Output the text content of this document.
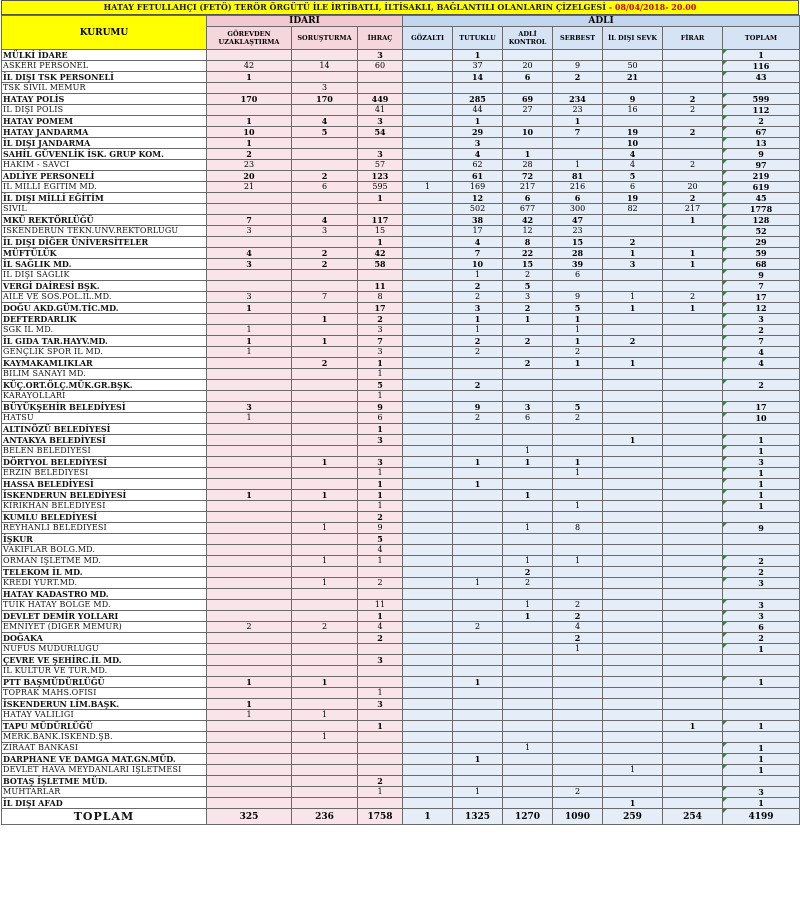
HATAY FETULLAHÇI (FETÖ) TERÖR ÖRGÜTÜ İLE İRTİBATLI, İLTİSAKLI, BAĞLANTILI OLANLARIN ÇİZELGESİ - 08/04/2018- 20.00
KURUMU	İDARİ			ADLİ						
	GÖREVDEN UZAKLAŞTIRMA	SORUŞTURMA	İHRAÇ	GÖZALTI	TUTUKLU	ADLİ KONTROL	SERBEST	İL DIŞI SEVK	FİRAR	TOPLAM
MÜLKİ İDARE			3		1					1
ASKERİ PERSONEL	42	14	60		37	20	9	50		116
İL DIŞI TSK PERSONELİ	1				14	6	2	21		43
TSK SİVİL MEMUR		3								
HATAY POLİS	170	170	449		285	69	234	9	2	599
İL DIŞI POLİS			41		44	27	23	16	2	112
HATAY POMEM	1	4	3		1		1			2
HATAY JANDARMA	10	5	54		29	10	7	19	2	67
İL DIŞI JANDARMA	1				3			10		13
SAHİL GÜVENLİK İSK. GRUP KOM.	2		3		4	1		4		9
HAKİM - SAVCI	23		57		62	28	1	4	2	97
ADLİYE PERSONELİ	20	2	123		61	72	81	5		219
İL MİLLİ EĞİTİM MD.	21	6	595	1	169	217	216	6	20	619
İL DIŞI MİLLİ EĞİTİM			1		12	6	6	19	2	45
SİVİL					502	677	300	82	217	1778
MKÜ REKTÖRLÜĞÜ	7	4	117		38	42	47		1	128
İSKENDERUN TEKN.ÜNV.REKTÖRLÜĞÜ	3	3	15		17	12	23			52
İL DIŞI DİĞER ÜNİVERSİTELER			1		4	8	15	2		29
MÜFTÜLÜK	4	2	42		7	22	28	1	1	59
İL SAĞLIK MD.	3	2	58		10	15	39	3	1	68
İL DIŞI SAĞLIK					1	2	6			9
VERGİ DAİRESİ BŞK.			11		2	5				7
AİLE VE SOS.POL.İL.MD.	3	7	8		2	3	9	1	2	17
DOĞU AKD.GÜM.TİC.MD.	1		17		3	2	5	1	1	12
DEFTERDARLIK		1	2		1	1	1			3
SGK İL MD.	1		3		1		1			2
İL GIDA TAR.HAYV.MD.	1	1	7		2	2	1	2		7
GENÇLİK SPOR İL MD.	1		3		2		2			4
KAYMAKAMLIKLAR		2	1			2	1	1		4
BİLİM SANAYİ MD.			1							
KÜÇ.ORT.ÖLÇ.MÜK.GR.BŞK.			5		2					2
KARAYOLLARI			1							
BÜYÜKŞEHİR BELEDİYESİ	3		9		9	3	5			17
HATSU	1		6		2	6	2			10
ALTINÖZÜ BELEDİYESİ			1							
ANTAKYA BELEDİYESİ			3					1		1
BELEN BELEDİYESİ						1				1
DÖRTYOL BELEDİYESİ		1	3		1	1	1			3
ERZİN BELEDİYESİ			1				1			1
HASSA BELEDİYESİ			1		1					1
İSKENDERUN BELEDİYESİ	1	1	1			1				1
KIRIKHAN BELEDİYESİ			1				1			1
KUMLU BELEDİYESİ			2							
REYHANLI BELEDİYESİ		1	9			1	8			9
İŞKUR			5							
VAKIFLAR BÖLG.MD.			4							
ORMAN İŞLETME MD.		1	1			1	1			2
TELEKOM İL MD.						2				2
KREDİ YURT.MD.		1	2		1	2				3
HATAY KADASTRO MD.										
TÜİK HATAY BÖLGE MD.			11			1	2			3
DEVLET DEMİR YOLLARI			1			1	2			3
EMNİYET (DİĞER MEMUR)	2	2	4		2		4			6
DOĞAKA			2				2			2
NÜFUS MÜDÜRLÜĞÜ							1			1
ÇEVRE VE ŞEHİRC.İL MD.			3							
İL KÜLTÜR VE TUR.MD.										
PTT BAŞMÜDÜRLÜĞÜ	1	1			1					1
TOPRAK MAHS.OFİSİ			1							
İSKENDERUN LİM.BAŞK.	1		3							
HATAY VALİLİĞİ	1	1								
TAPU MÜDÜRLÜĞÜ			1						1	1
MERK.BANK.İSKEND.ŞB.		1								
ZİRAAT BANKASI						1				1
DARPHANE VE DAMGA MAT.GN.MÜD.					1					1
DEVLET HAVA MEYDANLARI İŞLETMESİ								1		1
BOTAŞ İŞLETME MÜD.			2							
MUHTARLAR			1		1		2			3
İL DIŞI AFAD								1		1
TOPLAM	325	236	1758	1	1325	1270	1090	259	254	4199
